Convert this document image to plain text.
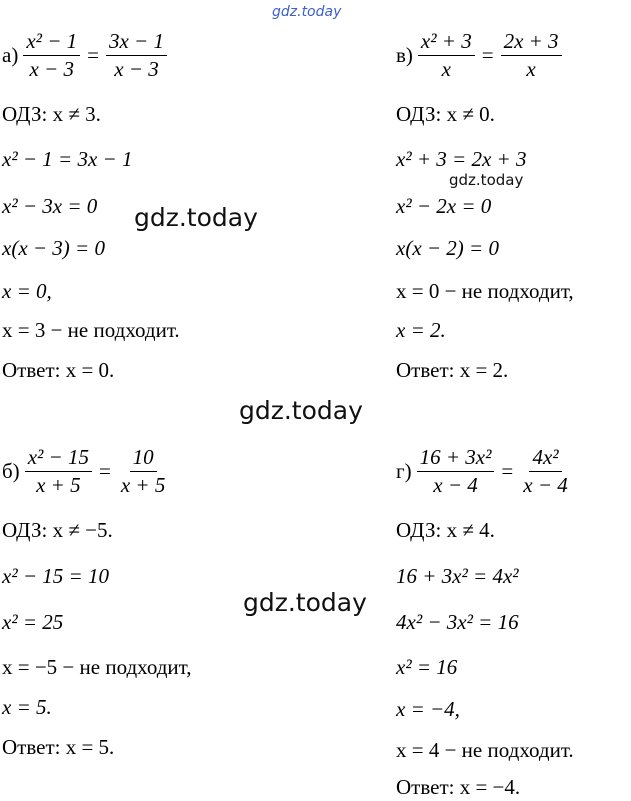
gdz.today
gdz.today
gdz.today
gdz.today
gdz.today
$а) \frac{\text{x² − 1}}{x - 3} = \frac{3x - 1}{x - 3}$
ОДЗ: x ≠ 3.
x² − 1 = 3x − 1
x² − 3x = 0
x(x − 3) = 0
x = 0,
x = 3 − не подходит.
Ответ: x = 0.
$в) \frac{\text{x² + 3}}{x} = \frac{2x + 3}{x}$
ОДЗ: x ≠ 0.
x² + 3 = 2x + 3
x² − 2x = 0
x(x − 2) = 0
x = 0 − не подходит,
x = 2.
Ответ: x = 2.
$б) \frac{\text{x² − 15}}{x + 5} = \frac{10}{x + 5}$
ОДЗ: x ≠ −5.
x² − 15 = 10
x² = 25
x = −5 − не подходит,
x = 5.
Ответ: x = 5.
$г) \frac{\text{16 + 3x²}}{x - 4} = \frac{\text{4x²}}{x - 4}$
ОДЗ: x ≠ 4.
16 + 3x² = 4x²
4x² − 3x² = 16
x² = 16
x = −4,
x = 4 − не подходит.
Ответ: x = −4.
